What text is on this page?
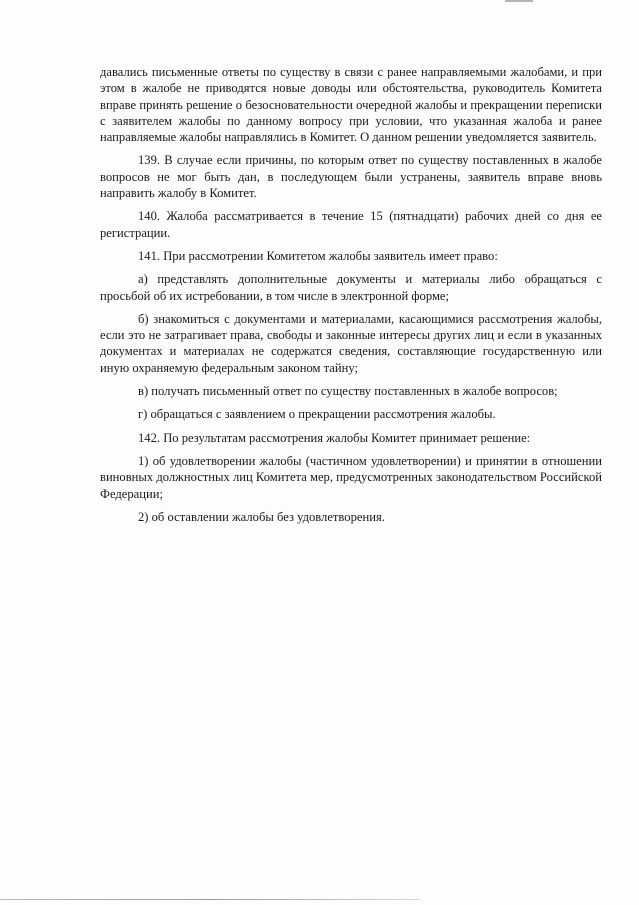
давались письменные ответы по существу в связи с ранее направляемыми жалобами, и при этом в жалобе не приводятся новые доводы или обстоятельства, руководитель Комитета вправе принять решение о безосновательности очередной жалобы и прекращении переписки с заявителем жалобы по данному вопросу при условии, что указанная жалоба и ранее направляемые жалобы направлялись в Комитет. О данном решении уведомляется заявитель.

139. В случае если причины, по которым ответ по существу поставленных в жалобе вопросов не мог быть дан, в последующем были устранены, заявитель вправе вновь направить жалобу в Комитет.

140. Жалоба рассматривается в течение 15 (пятнадцати) рабочих дней со дня ее регистрации.

141. При рассмотрении Комитетом жалобы заявитель имеет право:

а) представлять дополнительные документы и материалы либо обращаться с просьбой об их истребовании, в том числе в электронной форме;

б) знакомиться с документами и материалами, касающимися рассмотрения жалобы, если это не затрагивает права, свободы и законные интересы других лиц и если в указанных документах и материалах не содержатся сведения, составляющие государственную или иную охраняемую федеральным законом тайну;

в) получать письменный ответ по существу поставленных в жалобе вопросов;

г) обращаться с заявлением о прекращении рассмотрения жалобы.

142. По результатам рассмотрения жалобы Комитет принимает решение:

1) об удовлетворении жалобы (частичном удовлетворении) и принятии в отношении виновных должностных лиц Комитета мер, предусмотренных законодательством Российской Федерации;

2) об оставлении жалобы без удовлетворения.
